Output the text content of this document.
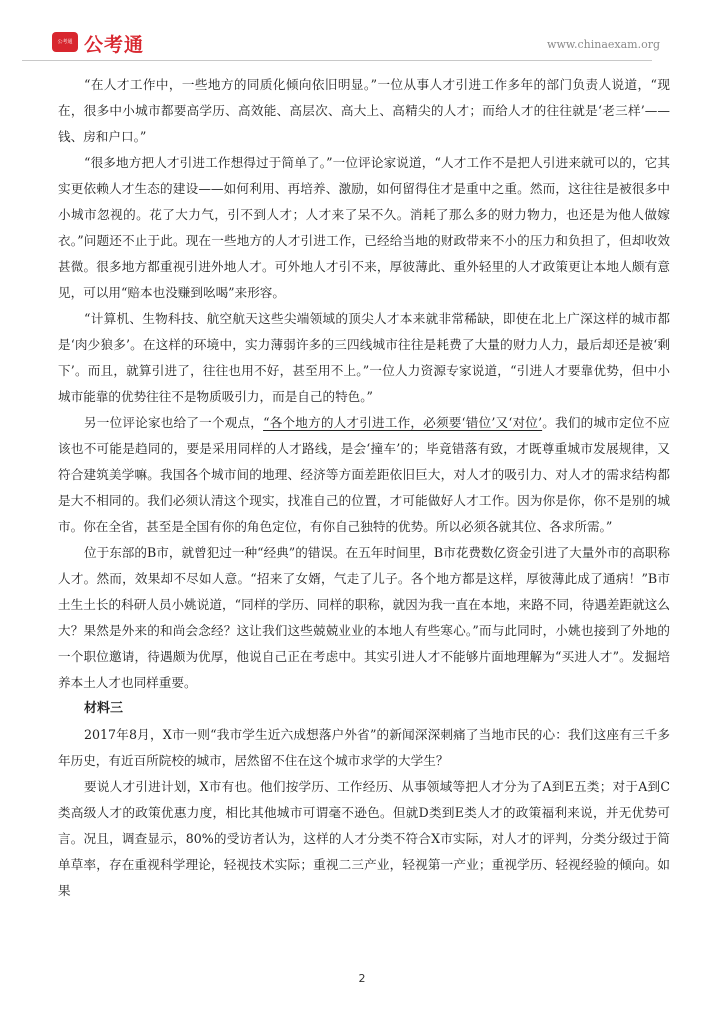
公考通 公考通	www.chinaexam.org

“在人才工作中，一些地方的同质化倾向依旧明显。”一位从事人才引进工作多年的部门负责人说道，“现在，很多中小城市都要高学历、高效能、高层次、高大上、高精尖的人才；而给人才的往往就是‘老三样’——钱、房和户口。”

“很多地方把人才引进工作想得过于简单了。”一位评论家说道，“人才工作不是把人引进来就可以的，它其实更依赖人才生态的建设——如何利用、再培养、激励，如何留得住才是重中之重。然而，这往往是被很多中小城市忽视的。花了大力气，引不到人才；人才来了呆不久。消耗了那么多的财力物力，也还是为他人做嫁衣。”问题还不止于此。现在一些地方的人才引进工作，已经给当地的财政带来不小的压力和负担了，但却收效甚微。很多地方都重视引进外地人才。可外地人才引不来，厚彼薄此、重外轻里的人才政策更让本地人颇有意见，可以用“赔本也没赚到吆喝”来形容。

“计算机、生物科技、航空航天这些尖端领域的顶尖人才本来就非常稀缺，即使在北上广深这样的城市都是‘肉少狼多’。在这样的环境中，实力薄弱许多的三四线城市往往是耗费了大量的财力人力，最后却还是被‘剩下’。而且，就算引进了，往往也用不好，甚至用不上。”一位人力资源专家说道，“引进人才要靠优势，但中小城市能靠的优势往往不是物质吸引力，而是自己的特色。”

另一位评论家也给了一个观点，“各个地方的人才引进工作，必须要‘错位’又‘对位’。我们的城市定位不应该也不可能是趋同的，要是采用同样的人才路线，是会‘撞车’的；毕竟错落有致，才既尊重城市发展规律，又符合建筑美学嘛。我国各个城市间的地理、经济等方面差距依旧巨大，对人才的吸引力、对人才的需求结构都是大不相同的。我们必须认清这个现实，找准自己的位置，才可能做好人才工作。因为你是你，你不是别的城市。你在全省，甚至是全国有你的角色定位，有你自己独特的优势。所以必须各就其位、各求所需。”

位于东部的B市，就曾犯过一种“经典”的错误。在五年时间里，B市花费数亿资金引进了大量外市的高职称人才。然而，效果却不尽如人意。“招来了女婿，气走了儿子。各个地方都是这样，厚彼薄此成了通病！”B市土生土长的科研人员小姚说道，“同样的学历、同样的职称，就因为我一直在本地，来路不同，待遇差距就这么大？果然是外来的和尚会念经？这让我们这些兢兢业业的本地人有些寒心。”而与此同时，小姚也接到了外地的一个职位邀请，待遇颇为优厚，他说自己正在考虑中。其实引进人才不能够片面地理解为“买进人才”。发掘培养本土人才也同样重要。

材料三

2017年8月，X市一则“我市学生近六成想落户外省”的新闻深深刺痛了当地市民的心：我们这座有三千多年历史，有近百所院校的城市，居然留不住在这个城市求学的大学生？

要说人才引进计划，X市有也。他们按学历、工作经历、从事领域等把人才分为了A到E五类；对于A到C类高级人才的政策优惠力度，相比其他城市可谓毫不逊色。但就D类到E类人才的政策福利来说，并无优势可言。况且，调查显示，80%的受访者认为，这样的人才分类不符合X市实际，对人才的评判，分类分级过于简单草率，存在重视科学理论，轻视技术实际；重视二三产业，轻视第一产业；重视学历、轻视经验的倾向。如果

2
